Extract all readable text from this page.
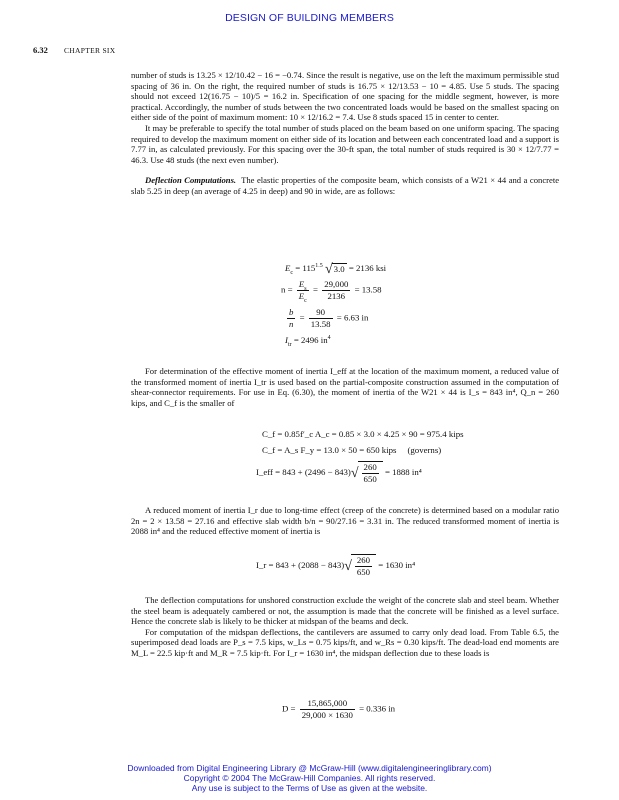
DESIGN OF BUILDING MEMBERS
6.32 CHAPTER SIX

number of studs is 13.25 × 12/10.42 − 16 = −0.74. Since the result is negative, use on the left the maximum permissible stud spacing of 36 in. On the right, the required number of studs is 16.75 × 12/13.53 − 10 = 4.85. Use 5 studs. The spacing should not exceed 12(16.75 − 10)/5 = 16.2 in. Specification of one spacing for the middle segment, however, is more practical. Accordingly, the number of studs between the two concentrated loads would be based on the smallest spacing on either side of the point of maximum moment: 10 × 12/16.2 = 7.4. Use 8 studs spaced 15 in center to center.

It may be preferable to specify the total number of studs placed on the beam based on one uniform spacing. The spacing required to develop the maximum moment on either side of its location and between each concentrated load and a support is 7.77 in, as calculated previously. For this spacing over the 30-ft span, the total number of studs required is 30 × 12/7.77 = 46.3. Use 48 studs (the next even number).

Deflection Computations. The elastic properties of the composite beam, which consists of a W21 × 44 and a concrete slab 5.25 in deep (an average of 4.25 in deep) and 90 in wide, are as follows:

$E_c = 115^{1.5}$ √3.0 = 2136 ksi
$n = \frac{E_s}{E_c} = \frac{29,000}{2136} = 13.58$
$\frac{b}{n} = \frac{90}{13.58} = 6.63$ in
$I_{tr} = 2496$ $in^4$

For determination of the effective moment of inertia I_eff at the location of the maximum moment, a reduced value of the transformed moment of inertia I_tr is used based on the partial-composite construction assumed in the computation of shear-connector requirements. For use in Eq. (6.30), the moment of inertia of the W21 × 44 is I_s = 843 in⁴, Q_n = 260 kips, and C_f is the smaller of

C_f = 0.85f′_c A_c = 0.85 × 3.0 × 4.25 × 90 = 975.4 kips
C_f = A_s F_y = 13.0 × 50 = 650 kips (governs)
I_eff = $843 + (2496 - 843)√ \frac{260}{650} = 1888$ in⁴

A reduced moment of inertia I_r due to long-time effect (creep of the concrete) is determined based on a modular ratio 2n = 2 × 13.58 = 27.16 and effective slab width b/n = 90/27.16 = 3.31 in. The reduced transformed moment of inertia is 2088 in⁴ and the reduced effective moment of inertia is

I_r = $843 + (2088 - 843)√ \frac{260}{650} = 1630$ in⁴

The deflection computations for unshored construction exclude the weight of the concrete slab and steel beam. Whether the steel beam is adequately cambered or not, the assumption is made that the concrete will be finished as a level surface. Hence the concrete slab is likely to be thicker at midspan of the beams and deck.

For computation of the midspan deflections, the cantilevers are assumed to carry only dead load. From Table 6.5, the superimposed dead loads are P_s = 7.5 kips, w_Ls = 0.75 kips/ft, and w_Rs = 0.30 kips/ft. The dead-load end moments are M_L = 22.5 kip·ft and M_R = 7.5 kip·ft. For I_r = 1630 in⁴, the midspan deflection due to these loads is

$D = \frac{15,865,000}{29,000 \times 1630} = 0.336$ in
Downloaded from Digital Engineering Library @ McGraw-Hill (www.digitalengineeringlibrary.com)
Copyright © 2004 The McGraw-Hill Companies. All rights reserved.
Any use is subject to the Terms of Use as given at the website.
